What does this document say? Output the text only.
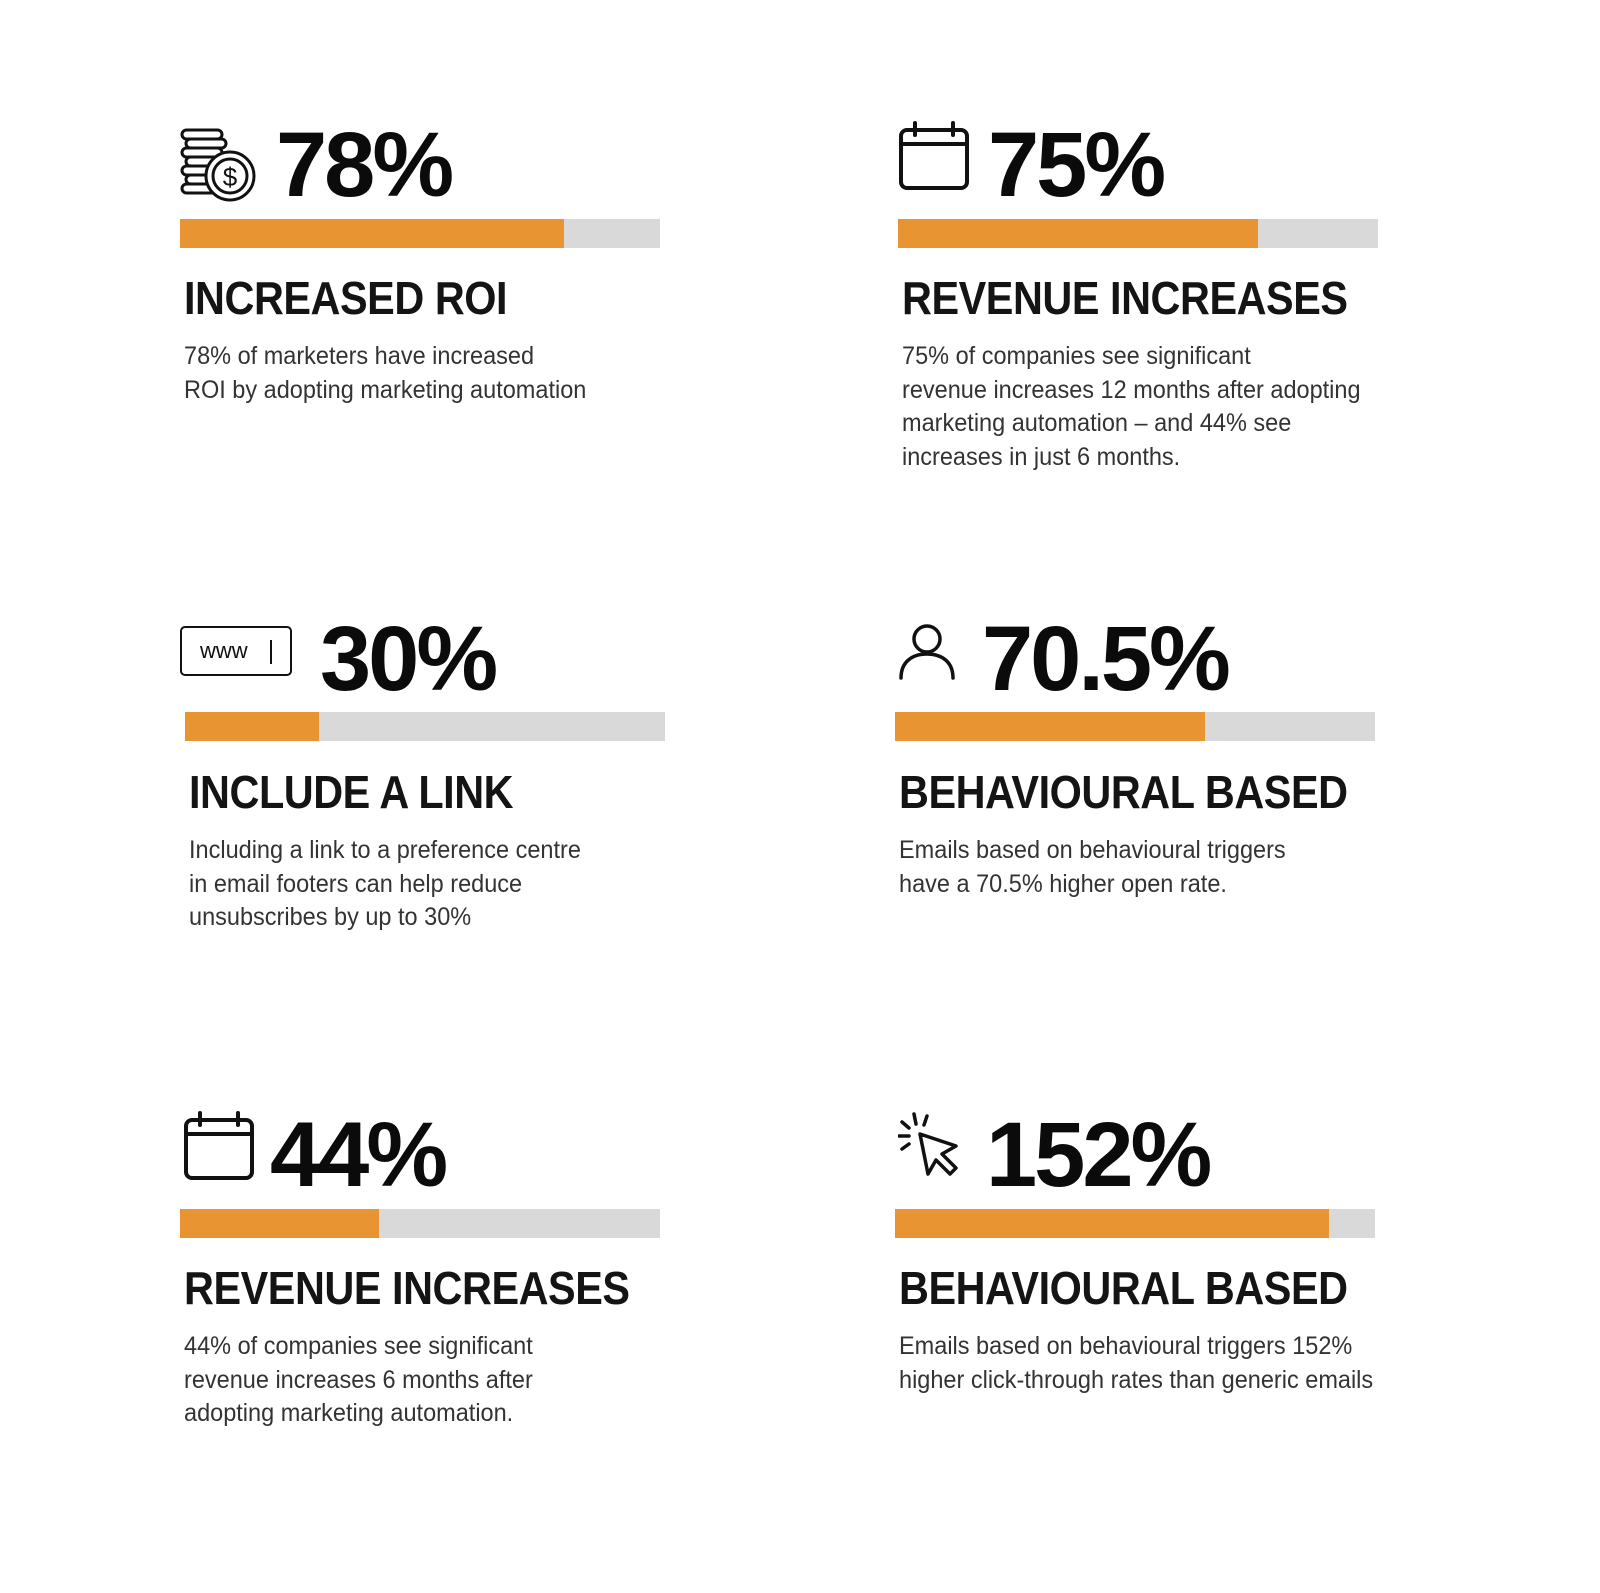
$ 78%
INCREASED ROI
78% of marketers have increased
ROI by adopting marketing automation
75%
REVENUE INCREASES
75% of companies see significant
revenue increases 12 months after adopting
marketing automation – and 44% see
increases in just 6 months.
www 30%
INCLUDE A LINK
Including a link to a preference centre
in email footers can help reduce
unsubscribes by up to 30%
70.5%
BEHAVIOURAL BASED
Emails based on behavioural triggers
have a 70.5% higher open rate.
44%
REVENUE INCREASES
44% of companies see significant
revenue increases 6 months after
adopting marketing automation.
152%
BEHAVIOURAL BASED
Emails based on behavioural triggers 152%
higher click-through rates than generic emails
